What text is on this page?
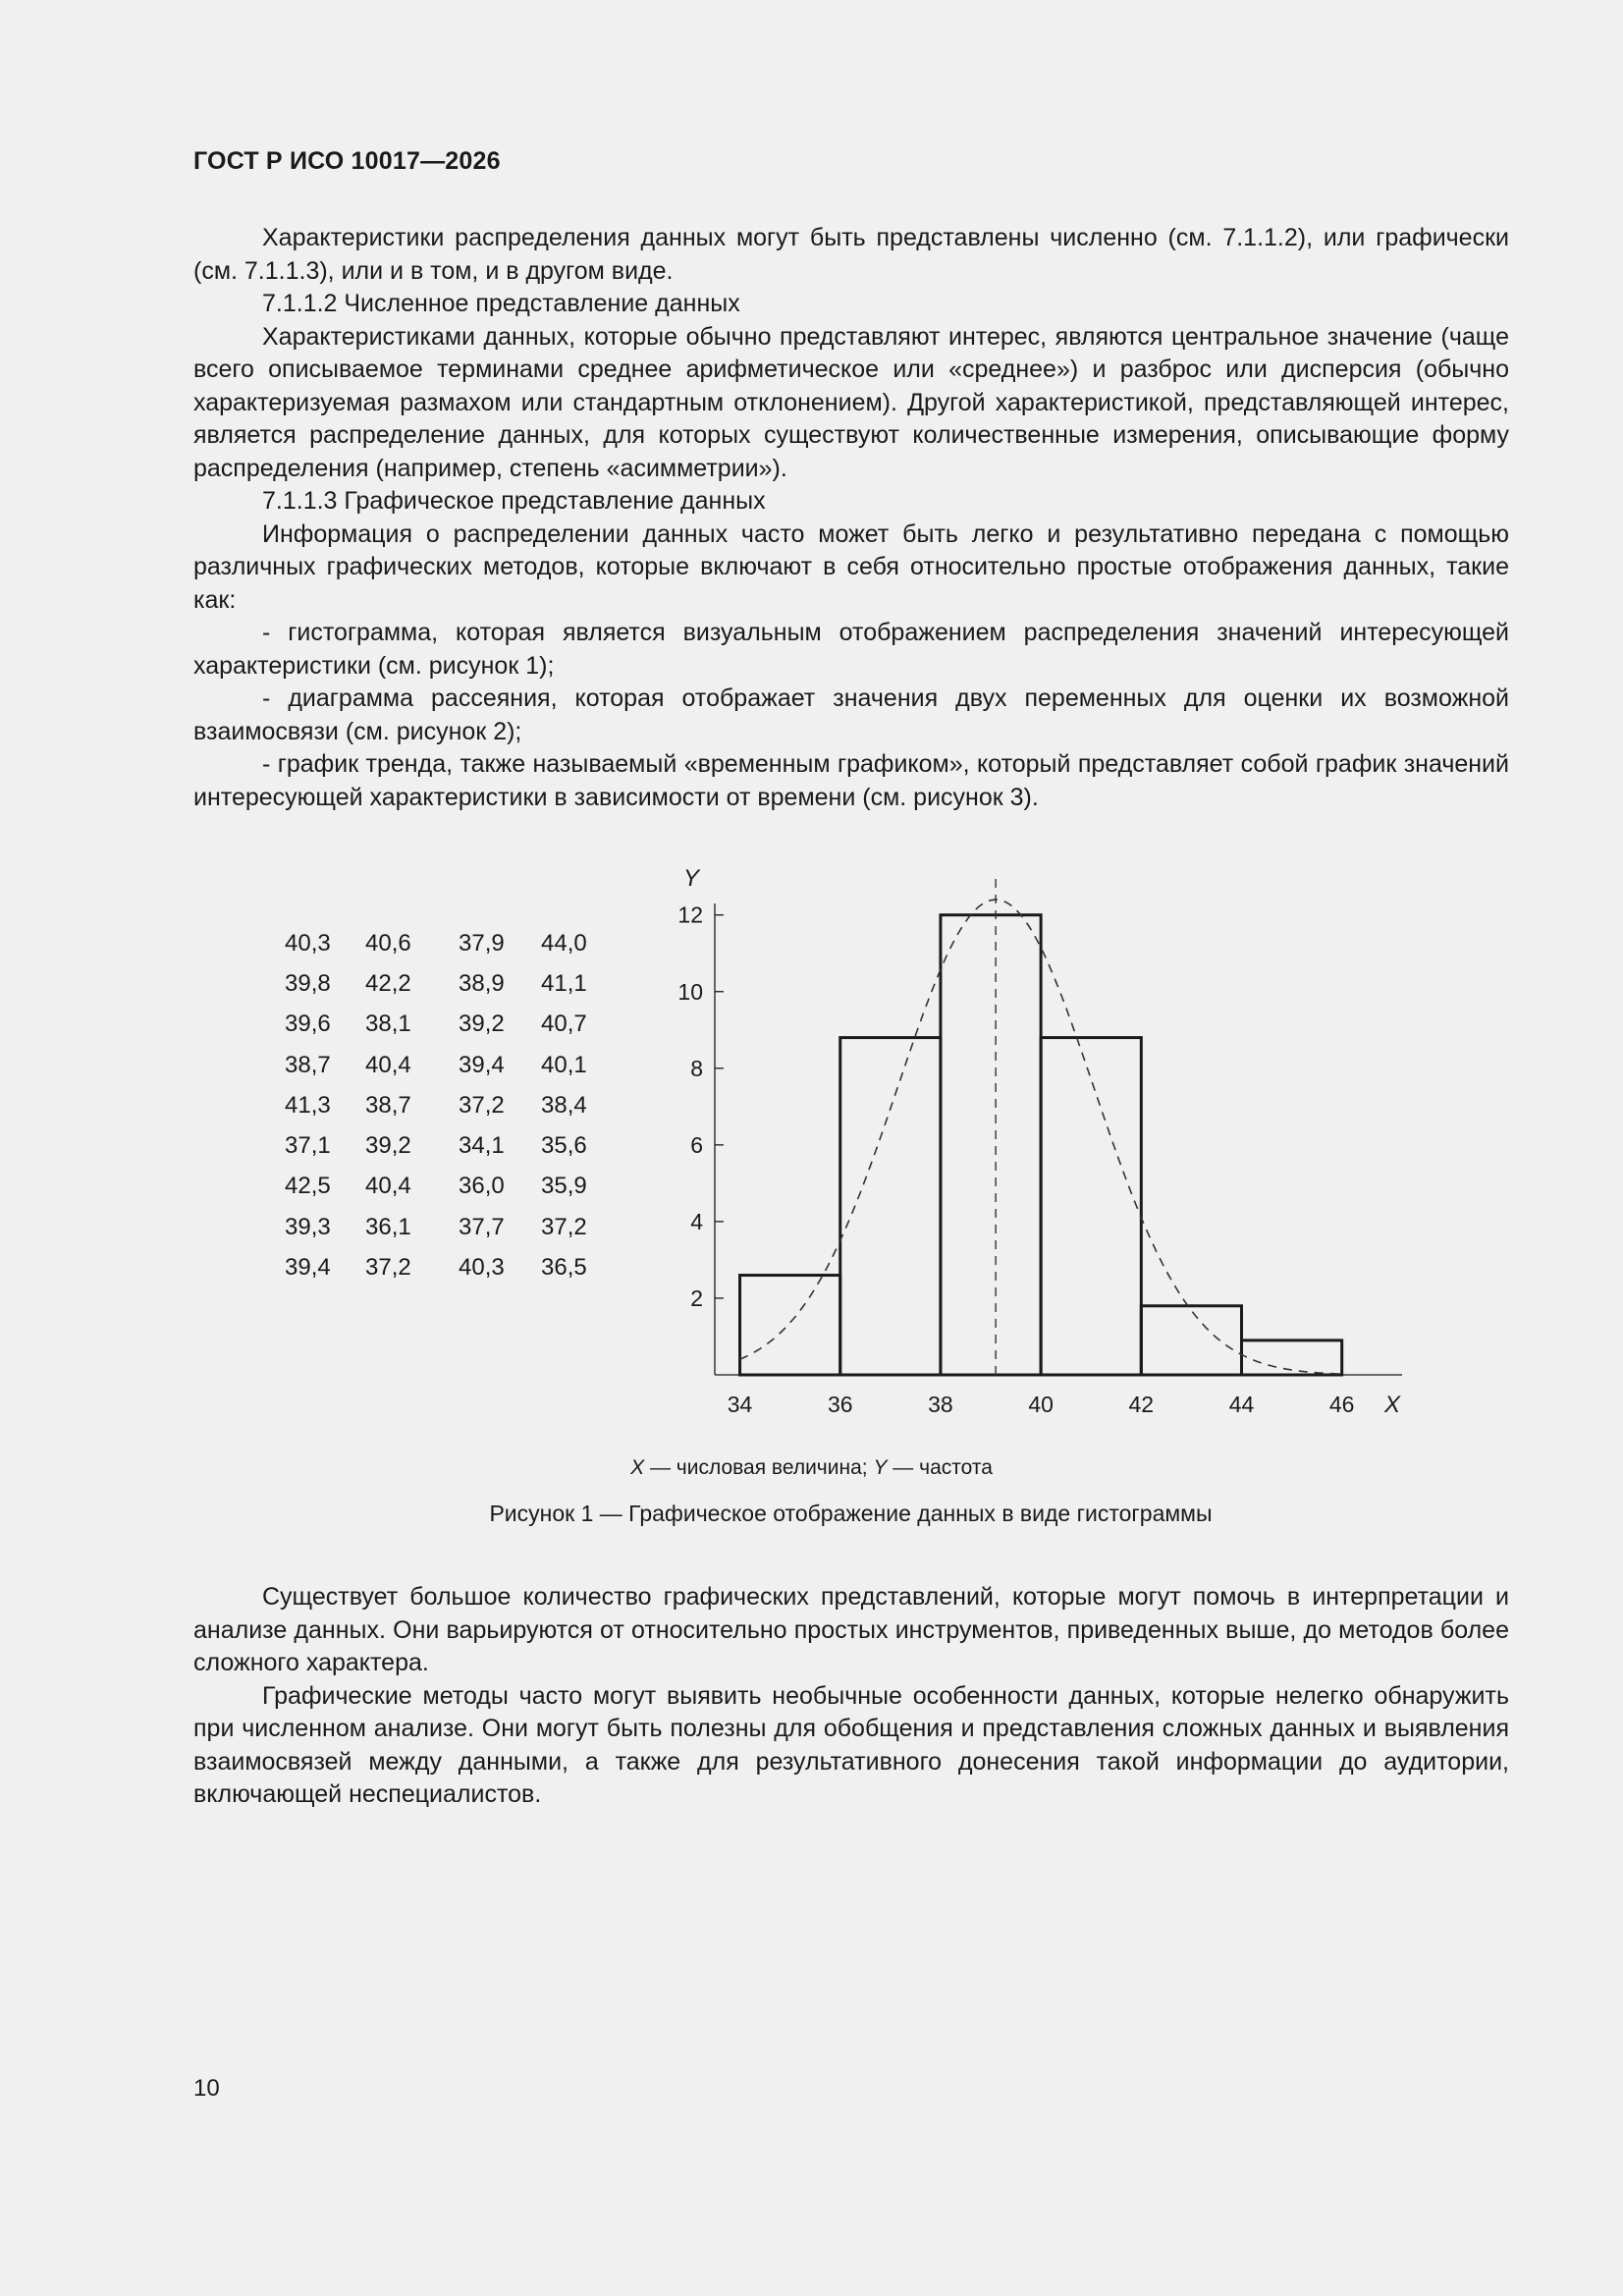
ГОСТ Р ИСО 10017—2026

Характеристики распределения данных могут быть представлены численно (см. 7.1.1.2), или графически (см. 7.1.1.3), или и в том, и в другом виде.

7.1.1.2 Численное представление данных

Характеристиками данных, которые обычно представляют интерес, являются центральное значение (чаще всего описываемое терминами среднее арифметическое или «среднее») и разброс или дисперсия (обычно характеризуемая размахом или стандартным отклонением). Другой характеристикой, представляющей интерес, является распределение данных, для которых существуют количественные измерения, описывающие форму распределения (например, степень «асимметрии»).

7.1.1.3 Графическое представление данных

Информация о распределении данных часто может быть легко и результативно передана с помощью различных графических методов, которые включают в себя относительно простые отображения данных, такие как:

- гистограмма, которая является визуальным отображением распределения значений интересующей характеристики (см. рисунок 1);

- диаграмма рассеяния, которая отображает значения двух переменных для оценки их возможной взаимосвязи (см. рисунок 2);

- график тренда, также называемый «временным графиком», который представляет собой график значений интересующей характеристики в зависимости от времени (см. рисунок 3).

40,3	40,6	37,9	44,0
39,8	42,2	38,9	41,1
39,6	38,1	39,2	40,7
38,7	40,4	39,4	40,1
41,3	38,7	37,2	38,4
37,1	39,2	34,1	35,6
42,5	40,4	36,0	35,9
39,3	36,1	37,7	37,2
39,4	37,2	40,3	36,5
2
4
6
8
10
12
34	36	38	40	42	44	46
Y
X
X — числовая величина; Y — частота
Рисунок 1 — Графическое отображение данных в виде гистограммы

Существует большое количество графических представлений, которые могут помочь в интерпретации и анализе данных. Они варьируются от относительно простых инструментов, приведенных выше, до методов более сложного характера.

Графические методы часто могут выявить необычные особенности данных, которые нелегко обнаружить при численном анализе. Они могут быть полезны для обобщения и представления сложных данных и выявления взаимосвязей между данными, а также для результативного донесения такой информации до аудитории, включающей неспециалистов.

10
